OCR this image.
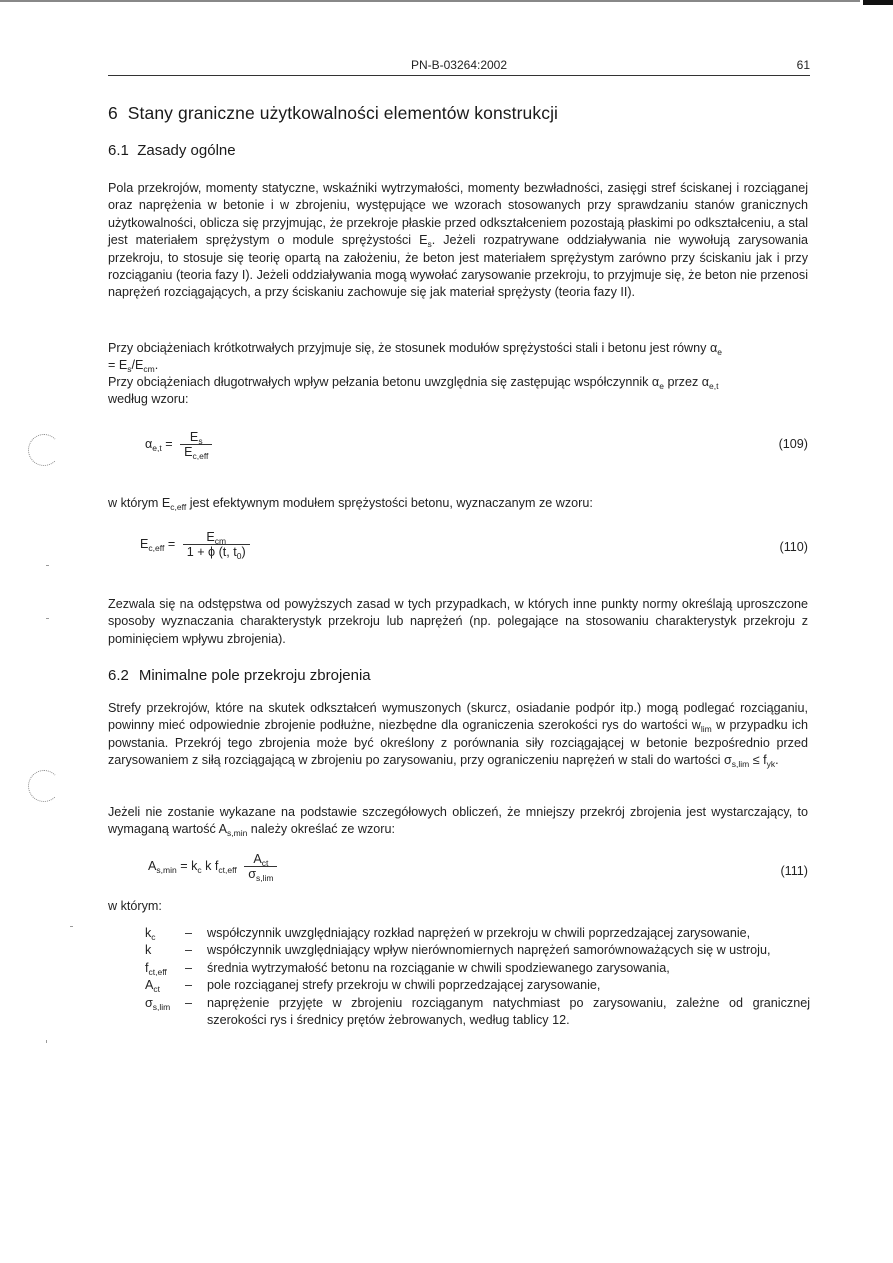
PN-B-03264:2002	61
6 Stany graniczne użytkowalności elementów konstrukcji
6.1 Zasady ogólne
Pola przekrojów, momenty statyczne, wskaźniki wytrzymałości, momenty bezwładności, zasięgi stref ściskanej i rozciąganej oraz naprężenia w betonie i w zbrojeniu, występujące we wzorach stosowanych przy sprawdzaniu stanów granicznych użytkowalności, oblicza się przyjmując, że przekroje płaskie przed odkształceniem pozostają płaskimi po odkształceniu, a stal jest materiałem sprężystym o module sprężystości $E_s$. Jeżeli rozpatrywane oddziaływania nie wywołują zarysowania przekroju, to stosuje się teorię opartą na założeniu, że beton jest materiałem sprężystym zarówno przy ściskaniu jak i przy rozciąganiu (teoria fazy I). Jeżeli oddziaływania mogą wywołać zarysowanie przekroju, to przyjmuje się, że beton nie przenosi naprężeń rozciągających, a przy ściskaniu zachowuje się jak materiał sprężysty (teoria fazy II).
Przy obciążeniach krótkotrwałych przyjmuje się, że stosunek modułów sprężystości stali i betonu jest równy $\alpha_e$
= $E_s/E_{cm}$.
Przy obciążeniach długotrwałych wpływ pełzania betonu uwzględnia się zastępując współczynnik $\alpha_e$ przez $\alpha_{e,t}$
według wzoru:
$\alpha_{e,t} = \frac{E_s}{E_{c,eff}}$	(109)
w którym $E_{c,eff}$ jest efektywnym modułem sprężystości betonu, wyznaczanym ze wzoru:
$E_{c,eff} = \frac{E_{cm}}{1 + \phi (t, t_0)}$	(110)
Zezwala się na odstępstwa od powyższych zasad w tych przypadkach, w których inne punkty normy określają uproszczone sposoby wyznaczania charakterystyk przekroju lub naprężeń (np. polegające na stosowaniu charakterystyk przekroju z pominięciem wpływu zbrojenia).
6.2 Minimalne pole przekroju zbrojenia
Strefy przekrojów, które na skutek odkształceń wymuszonych (skurcz, osiadanie podpór itp.) mogą podlegać rozciąganiu, powinny mieć odpowiednie zbrojenie podłużne, niezbędne dla ograniczenia szerokości rys do wartości $w_{lim}$ w przypadku ich powstania. Przekrój tego zbrojenia może być określony z porównania siły rozciągającej w betonie bezpośrednio przed zarysowaniem z siłą rozciągającą w zbrojeniu po zarysowaniu, przy ograniczeniu naprężeń w stali do wartości $\sigma_{s,lim} \le f_{yk}$.
Jeżeli nie zostanie wykazane na podstawie szczegółowych obliczeń, że mniejszy przekrój zbrojenia jest wystarczający, to wymaganą wartość $A_{s,min}$ należy określać ze wzoru:
$A_{s,min} = k_c$ k $f_{ct,eff} \frac{A_{ct}}{\sigma_{s,lim}}$	(111)
w którym:
$k_c$	–	współczynnik uwzględniający rozkład naprężeń w przekroju w chwili poprzedzającej zarysowanie,
k	–	współczynnik uwzględniający wpływ nierównomiernych naprężeń samorównoważących się w ustroju,
$f_{ct,eff}$	–	średnia wytrzymałość betonu na rozciąganie w chwili spodziewanego zarysowania,
$A_{ct}$	–	pole rozciąganej strefy przekroju w chwili poprzedzającej zarysowanie,
$\sigma_{s,lim}$	–	naprężenie przyjęte w zbrojeniu rozciąganym natychmiast po zarysowaniu, zależne od granicznej szerokości rys i średnicy prętów żebrowanych, według tablicy 12.
